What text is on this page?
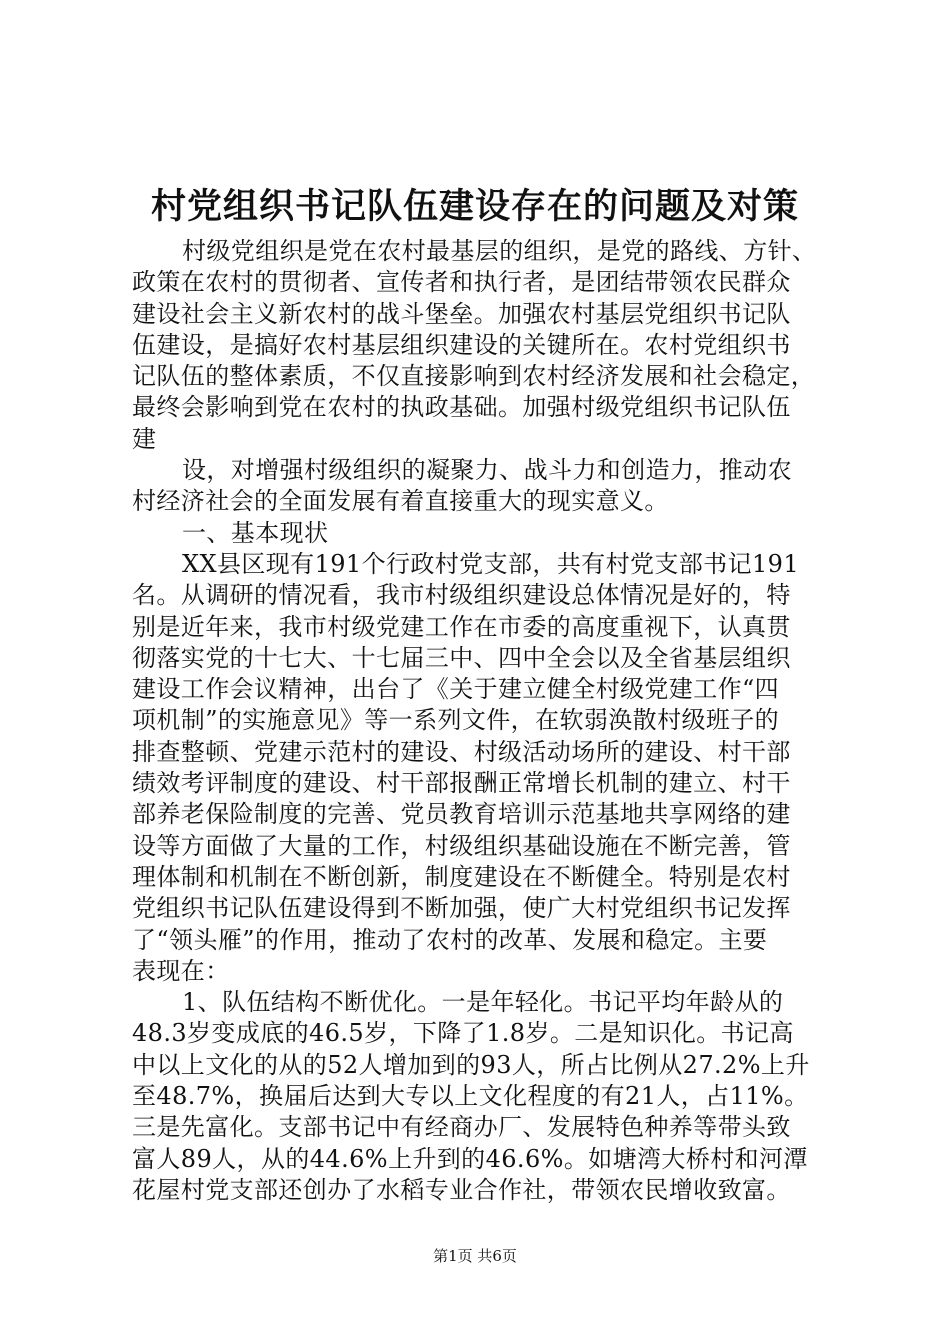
村党组织书记队伍建设存在的问题及对策
村级党组织是党在农村最基层的组织，是党的路线、方针、
政策在农村的贯彻者、宣传者和执行者，是团结带领农民群众
建设社会主义新农村的战斗堡垒。加强农村基层党组织书记队
伍建设，是搞好农村基层组织建设的关键所在。农村党组织书
记队伍的整体素质，不仅直接影响到农村经济发展和社会稳定，
最终会影响到党在农村的执政基础。加强村级党组织书记队伍
建
设，对增强村级组织的凝聚力、战斗力和创造力，推动农
村经济社会的全面发展有着直接重大的现实意义。
一、基本现状
XX县区现有191个行政村党支部，共有村党支部书记191
名。从调研的情况看，我市村级组织建设总体情况是好的，特
别是近年来，我市村级党建工作在市委的高度重视下，认真贯
彻落实党的十七大、十七届三中、四中全会以及全省基层组织
建设工作会议精神，出台了《关于建立健全村级党建工作“四
项机制”的实施意见》等一系列文件，在软弱涣散村级班子的
排查整顿、党建示范村的建设、村级活动场所的建设、村干部
绩效考评制度的建设、村干部报酬正常增长机制的建立、村干
部养老保险制度的完善、党员教育培训示范基地共享网络的建
设等方面做了大量的工作，村级组织基础设施在不断完善，管
理体制和机制在不断创新，制度建设在不断健全。特别是农村
党组织书记队伍建设得到不断加强，使广大村党组织书记发挥
了“领头雁”的作用，推动了农村的改革、发展和稳定。主要
表现在：
1、队伍结构不断优化。一是年轻化。书记平均年龄从的
48.3岁变成底的46.5岁，下降了1.8岁。二是知识化。书记高
中以上文化的从的52人增加到的93人，所占比例从27.2%上升
至48.7%，换届后达到大专以上文化程度的有21人，占11%。
三是先富化。支部书记中有经商办厂、发展特色种养等带头致
富人89人，从的44.6%上升到的46.6%。如塘湾大桥村和河潭
花屋村党支部还创办了水稻专业合作社，带领农民增收致富。
第1页 共6页
